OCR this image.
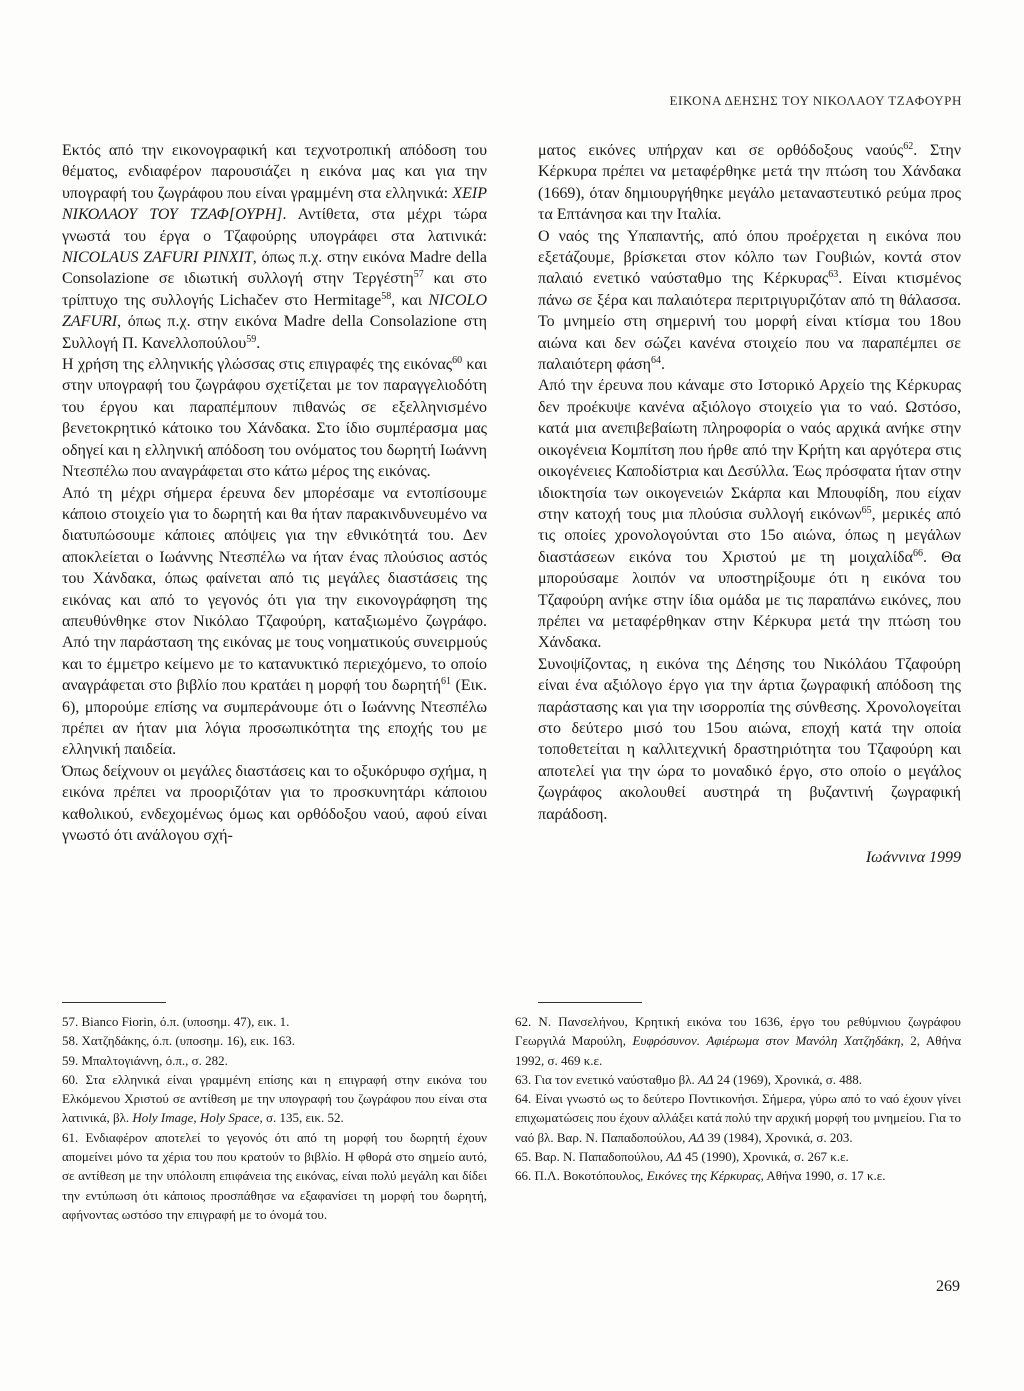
ΕΙΚΟΝΑ ΔΕΗΣΗΣ ΤΟΥ ΝΙΚΟΛΑΟΥ ΤΖΑΦΟΥΡΗ

Εκτός από την εικονογραφική και τεχνοτροπική απόδοση του θέματος, ενδιαφέρον παρουσιάζει η εικόνα μας και για την υπογραφή του ζωγράφου που είναι γραμμένη στα ελληνικά: ΧΕΙΡ ΝΙΚΟΛΑΟΥ ΤΟΥ ΤΖΑΦ[ΟΥΡΗ]. Αντίθετα, στα μέχρι τώρα γνωστά του έργα ο Τζαφούρης υπογράφει στα λατινικά: NICOLAUS ZAFURI PINXIT, όπως π.χ. στην εικόνα Madre della Consolazione σε ιδιωτική συλλογή στην Τεργέστη$^{57}$ και στο τρίπτυχο της συλλογής Lichačev στο Hermitage$^{58}$, και NICOLO ZAFURI, όπως π.χ. στην εικόνα Madre della Consolazione στη Συλλογή Π. Κανελλοπούλου$^{59}$.

Η χρήση της ελληνικής γλώσσας στις επιγραφές της εικόνας$^{60}$ και στην υπογραφή του ζωγράφου σχετίζεται με τον παραγγελιοδότη του έργου και παραπέμπουν πιθανώς σε εξελληνισμένο βενετοκρητικό κάτοικο του Χάνδακα. Στο ίδιο συμπέρασμα μας οδηγεί και η ελληνική απόδοση του ονόματος του δωρητή Ιωάννη Ντεσπέλω που αναγράφεται στο κάτω μέρος της εικόνας.

Από τη μέχρι σήμερα έρευνα δεν μπορέσαμε να εντοπίσουμε κάποιο στοιχείο για το δωρητή και θα ήταν παρακινδυνευμένο να διατυπώσουμε κάποιες απόψεις για την εθνικότητά του. Δεν αποκλείεται ο Ιωάννης Ντεσπέλω να ήταν ένας πλούσιος αστός του Χάνδακα, όπως φαίνεται από τις μεγάλες διαστάσεις της εικόνας και από το γεγονός ότι για την εικονογράφηση της απευθύνθηκε στον Νικόλαο Τζαφούρη, καταξιωμένο ζωγράφο. Από την παράσταση της εικόνας με τους νοηματικούς συνειρμούς και το έμμετρο κείμενο με το κατανυκτικό περιεχόμενο, το οποίο αναγράφεται στο βιβλίο που κρατάει η μορφή του δωρητή$^{61}$ (Εικ. 6), μπορούμε επίσης να συμπεράνουμε ότι ο Ιωάννης Ντεσπέλω πρέπει αν ήταν μια λόγια προσωπικότητα της εποχής του με ελληνική παιδεία.

Όπως δείχνουν οι μεγάλες διαστάσεις και το οξυκόρυφο σχήμα, η εικόνα πρέπει να προοριζόταν για το προσκυνητάρι κάποιου καθολικού, ενδεχομένως όμως και ορθόδοξου ναού, αφού είναι γνωστό ότι ανάλογου σχή-

ματος εικόνες υπήρχαν και σε ορθόδοξους ναούς$^{62}$. Στην Κέρκυρα πρέπει να μεταφέρθηκε μετά την πτώση του Χάνδακα (1669), όταν δημιουργήθηκε μεγάλο μεταναστευτικό ρεύμα προς τα Επτάνησα και την Ιταλία.

Ο ναός της Υπαπαντής, από όπου προέρχεται η εικόνα που εξετάζουμε, βρίσκεται στον κόλπο των Γουβιών, κοντά στον παλαιό ενετικό ναύσταθμο της Κέρκυρας$^{63}$. Είναι κτισμένος πάνω σε ξέρα και παλαιότερα περιτριγυριζόταν από τη θάλασσα. Το μνημείο στη σημερινή του μορφή είναι κτίσμα του 18ου αιώνα και δεν σώζει κανένα στοιχείο που να παραπέμπει σε παλαιότερη φάση$^{64}$.

Από την έρευνα που κάναμε στο Ιστορικό Αρχείο της Κέρκυρας δεν προέκυψε κανένα αξιόλογο στοιχείο για το ναό. Ωστόσο, κατά μια ανεπιβεβαίωτη πληροφορία ο ναός αρχικά ανήκε στην οικογένεια Κομπίτση που ήρθε από την Κρήτη και αργότερα στις οικογένειες Καποδίστρια και Δεσύλλα. Έως πρόσφατα ήταν στην ιδιοκτησία των οικογενειών Σκάρπα και Μπουφίδη, που είχαν στην κατοχή τους μια πλούσια συλλογή εικόνων$^{65}$, μερικές από τις οποίες χρονολογούνται στο 15ο αιώνα, όπως η μεγάλων διαστάσεων εικόνα του Χριστού με τη μοιχαλίδα$^{66}$. Θα μπορούσαμε λοιπόν να υποστηρίξουμε ότι η εικόνα του Τζαφούρη ανήκε στην ίδια ομάδα με τις παραπάνω εικόνες, που πρέπει να μεταφέρθηκαν στην Κέρκυρα μετά την πτώση του Χάνδακα.

Συνοψίζοντας, η εικόνα της Δέησης του Νικόλάου Τζαφούρη είναι ένα αξιόλογο έργο για την άρτια ζωγραφική απόδοση της παράστασης και για την ισορροπία της σύνθεσης. Χρονολογείται στο δεύτερο μισό του 15ου αιώνα, εποχή κατά την οποία τοποθετείται η καλλιτεχνική δραστηριότητα του Τζαφούρη και αποτελεί για την ώρα το μοναδικό έργο, στο οποίο ο μεγάλος ζωγράφος ακολουθεί αυστηρά τη βυζαντινή ζωγραφική παράδοση.

Ιωάννινα 1999

57. Bianco Fiorin, ό.π. (υποσημ. 47), εικ. 1.

58. Χατζηδάκης, ό.π. (υποσημ. 16), εικ. 163.

59. Μπαλτογιάννη, ό.π., σ. 282.

60. Στα ελληνικά είναι γραμμένη επίσης και η επιγραφή στην εικόνα του Ελκόμενου Χριστού σε αντίθεση με την υπογραφή του ζωγράφου που είναι στα λατινικά, βλ. Holy Image, Holy Space, σ. 135, εικ. 52.

61. Ενδιαφέρον αποτελεί το γεγονός ότι από τη μορφή του δωρητή έχουν απομείνει μόνο τα χέρια του που κρατούν το βιβλίο. Η φθορά στο σημείο αυτό, σε αντίθεση με την υπόλοιπη επιφάνεια της εικόνας, είναι πολύ μεγάλη και δίδει την εντύπωση ότι κάποιος προσπάθησε να εξαφανίσει τη μορφή του δωρητή, αφήνοντας ωστόσο την επιγραφή με το όνομά του.

62. Ν. Πανσελήνου, Κρητική εικόνα του 1636, έργο του ρεθύμνιου ζωγράφου Γεωργιλά Μαρούλη, Ευφρόσυνον. Αφιέρωμα στον Μανόλη Χατζηδάκη, 2, Αθήνα 1992, σ. 469 κ.ε.

63. Για τον ενετικό ναύσταθμο βλ. ΑΔ 24 (1969), Χρονικά, σ. 488.

64. Είναι γνωστό ως το δεύτερο Ποντικονήσι. Σήμερα, γύρω από το ναό έχουν γίνει επιχωματώσεις που έχουν αλλάξει κατά πολύ την αρχική μορφή του μνημείου. Για το ναό βλ. Βαρ. Ν. Παπαδοπούλου, ΑΔ 39 (1984), Χρονικά, σ. 203.

65. Βαρ. Ν. Παπαδοπούλου, ΑΔ 45 (1990), Χρονικά, σ. 267 κ.ε.

66. Π.Λ. Βοκοτόπουλος, Εικόνες της Κέρκυρας, Αθήνα 1990, σ. 17 κ.ε.

269
